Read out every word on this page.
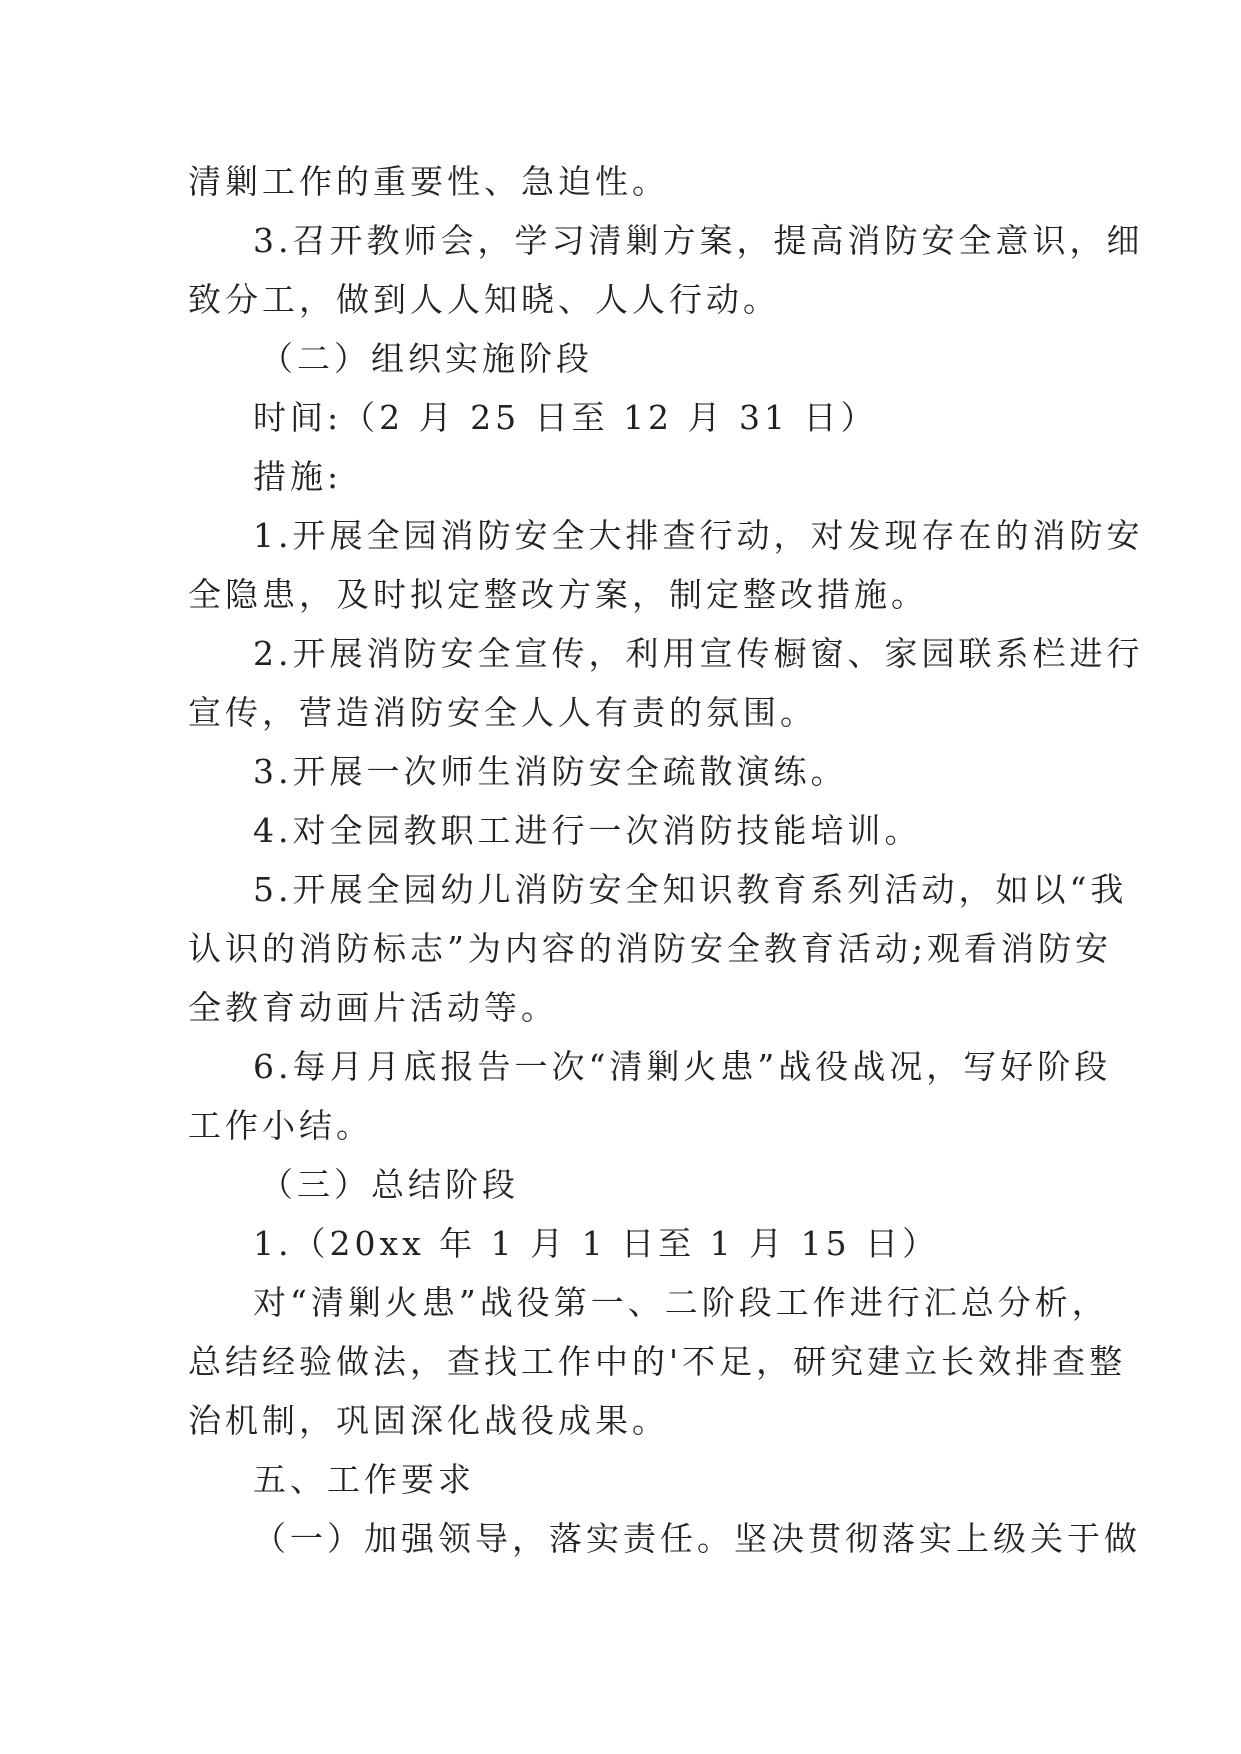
清剿工作的重要性、急迫性。
3.召开教师会，学习清剿方案，提高消防安全意识，细
致分工，做到人人知晓、人人行动。
（二）组织实施阶段
时间:（2 月 25 日至 12 月 31 日）
措施:
1.开展全园消防安全大排查行动，对发现存在的消防安
全隐患，及时拟定整改方案，制定整改措施。
2.开展消防安全宣传，利用宣传橱窗、家园联系栏进行
宣传，营造消防安全人人有责的氛围。
3.开展一次师生消防安全疏散演练。
4.对全园教职工进行一次消防技能培训。
5.开展全园幼儿消防安全知识教育系列活动，如以“我
认识的消防标志”为内容的消防安全教育活动;观看消防安
全教育动画片活动等。
6.每月月底报告一次“清剿火患”战役战况，写好阶段
工作小结。
（三）总结阶段
1.（20xx 年 1 月 1 日至 1 月 15 日）
对“清剿火患”战役第一、二阶段工作进行汇总分析，
总结经验做法，查找工作中的'不足，研究建立长效排查整
治机制，巩固深化战役成果。
五、工作要求
（一）加强领导，落实责任。坚决贯彻落实上级关于做
